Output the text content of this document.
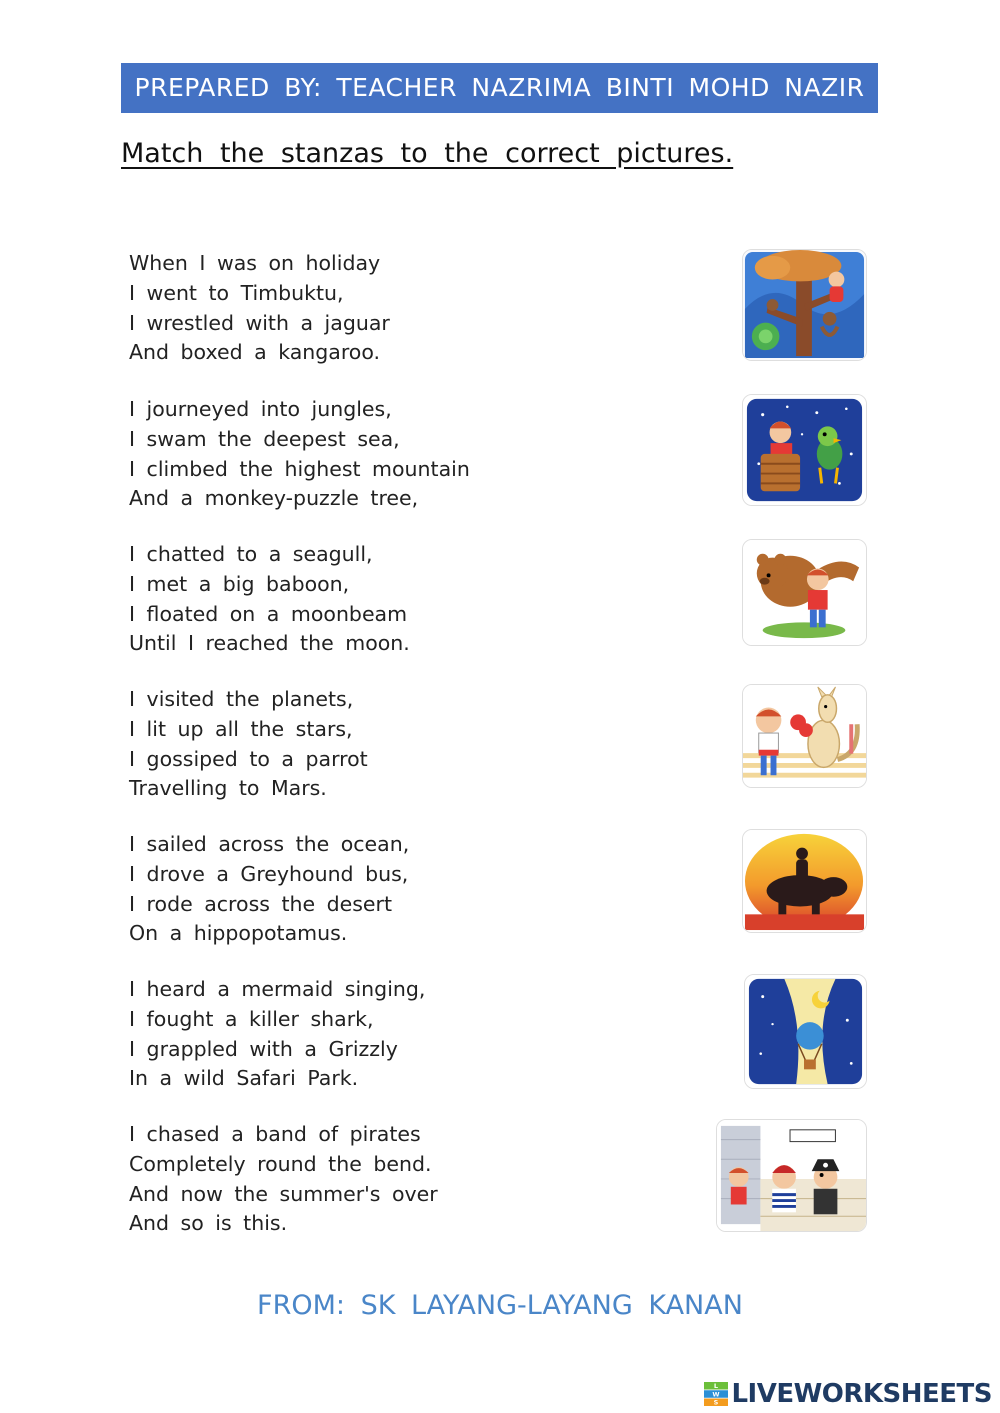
PREPARED BY: TEACHER NAZRIMA BINTI MOHD NAZIR
Match the stanzas to the correct pictures.
When I was on holiday
I went to Timbuktu,
I wrestled with a jaguar
And boxed a kangaroo.
I journeyed into jungles,
I swam the deepest sea,
I climbed the highest mountain
And a monkey-puzzle tree,
I chatted to a seagull,
I met a big baboon,
I floated on a moonbeam
Until I reached the moon.
I visited the planets,
I lit up all the stars,
I gossiped to a parrot
Travelling to Mars.
I sailed across the ocean,
I drove a Greyhound bus,
I rode across the desert
On a hippopotamus.
I heard a mermaid singing,
I fought a killer shark,
I grappled with a Grizzly
In a wild Safari Park.
I chased a band of pirates
Completely round the bend.
And now the summer's over
And so is this.
FROM: SK LAYANG-LAYANG KANAN
L
W
S LIVEWORKSHEETS
